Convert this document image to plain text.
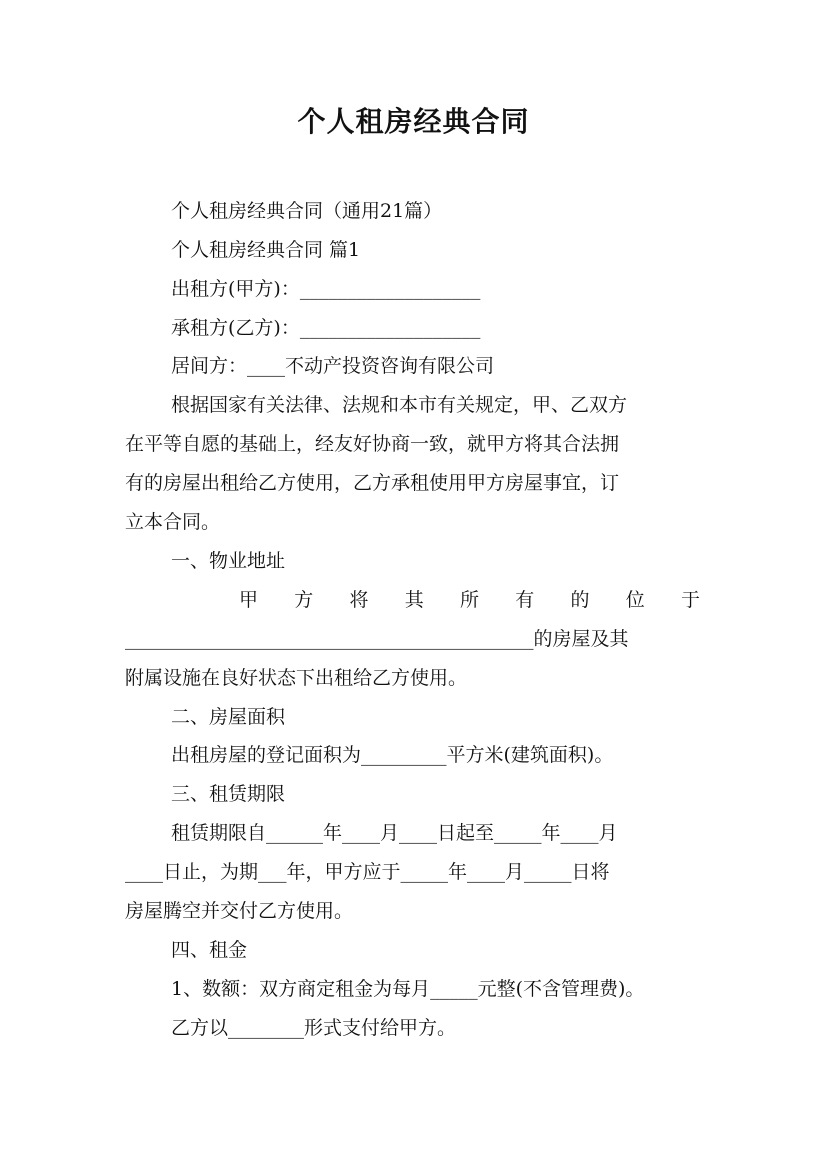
个人租房经典合同
个人租房经典合同（通用21篇）
个人租房经典合同 篇1
出租方(甲方)：___________________
承租方(乙方)：___________________
居间方：____不动产投资咨询有限公司
根据国家有关法律、法规和本市有关规定，甲、乙双方
在平等自愿的基础上，经友好协商一致，就甲方将其合法拥
有的房屋出租给乙方使用，乙方承租使用甲方房屋事宜，订
立本合同。
一、物业地址
甲 方 将 其 所 有 的 位 于
___________________________________________的房屋及其
附属设施在良好状态下出租给乙方使用。
二、房屋面积
出租房屋的登记面积为_________平方米(建筑面积)。
三、租赁期限
租赁期限自______年____月____日起至_____年____月
____日止，为期___年，甲方应于_____年____月_____日将
房屋腾空并交付乙方使用。
四、租金
1、数额：双方商定租金为每月_____元整(不含管理费)。
乙方以________形式支付给甲方。
